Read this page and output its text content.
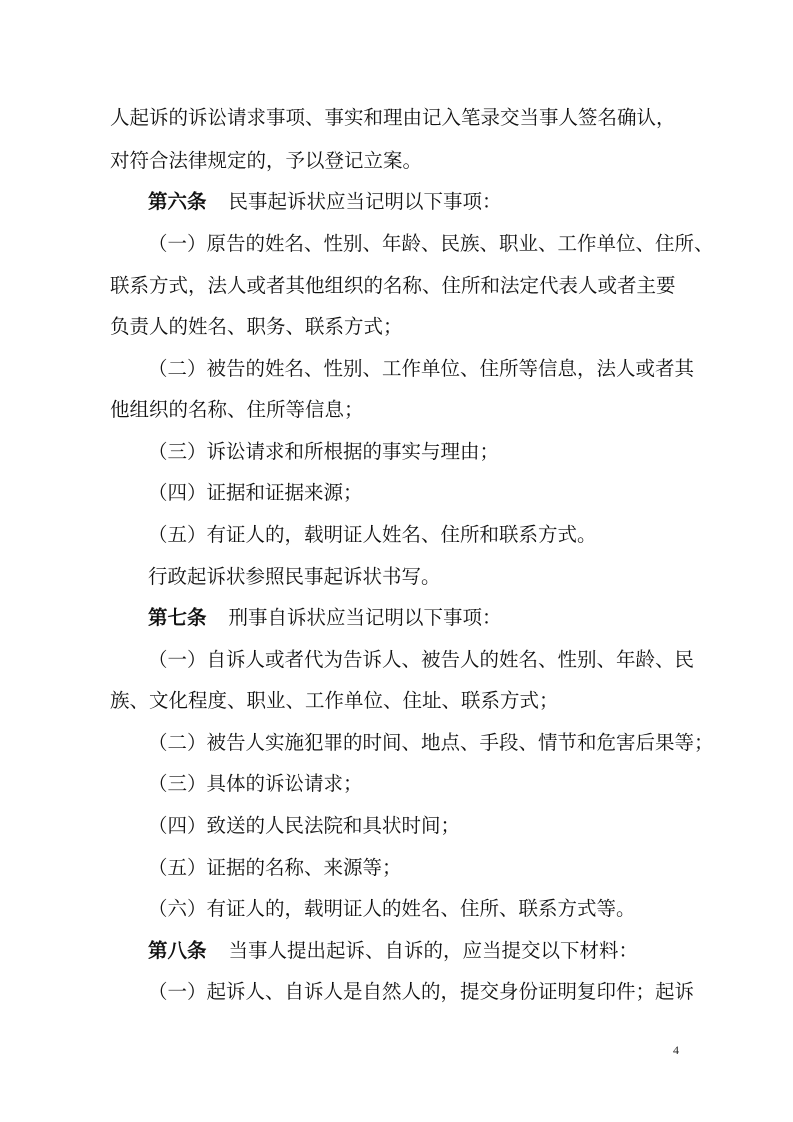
人起诉的诉讼请求事项、事实和理由记入笔录交当事人签名确认，
对符合法律规定的，予以登记立案。
第六条 民事起诉状应当记明以下事项：
（一）原告的姓名、性别、年龄、民族、职业、工作单位、住所、
联系方式，法人或者其他组织的名称、住所和法定代表人或者主要
负责人的姓名、职务、联系方式；
（二）被告的姓名、性别、工作单位、住所等信息，法人或者其
他组织的名称、住所等信息；
（三）诉讼请求和所根据的事实与理由；
（四）证据和证据来源；
（五）有证人的，载明证人姓名、住所和联系方式。
行政起诉状参照民事起诉状书写。
第七条 刑事自诉状应当记明以下事项：
（一）自诉人或者代为告诉人、被告人的姓名、性别、年龄、民
族、文化程度、职业、工作单位、住址、联系方式；
（二）被告人实施犯罪的时间、地点、手段、情节和危害后果等；
（三）具体的诉讼请求；
（四）致送的人民法院和具状时间；
（五）证据的名称、来源等；
（六）有证人的，载明证人的姓名、住所、联系方式等。
第八条 当事人提出起诉、自诉的，应当提交以下材料：
（一）起诉人、自诉人是自然人的，提交身份证明复印件；起诉
4
